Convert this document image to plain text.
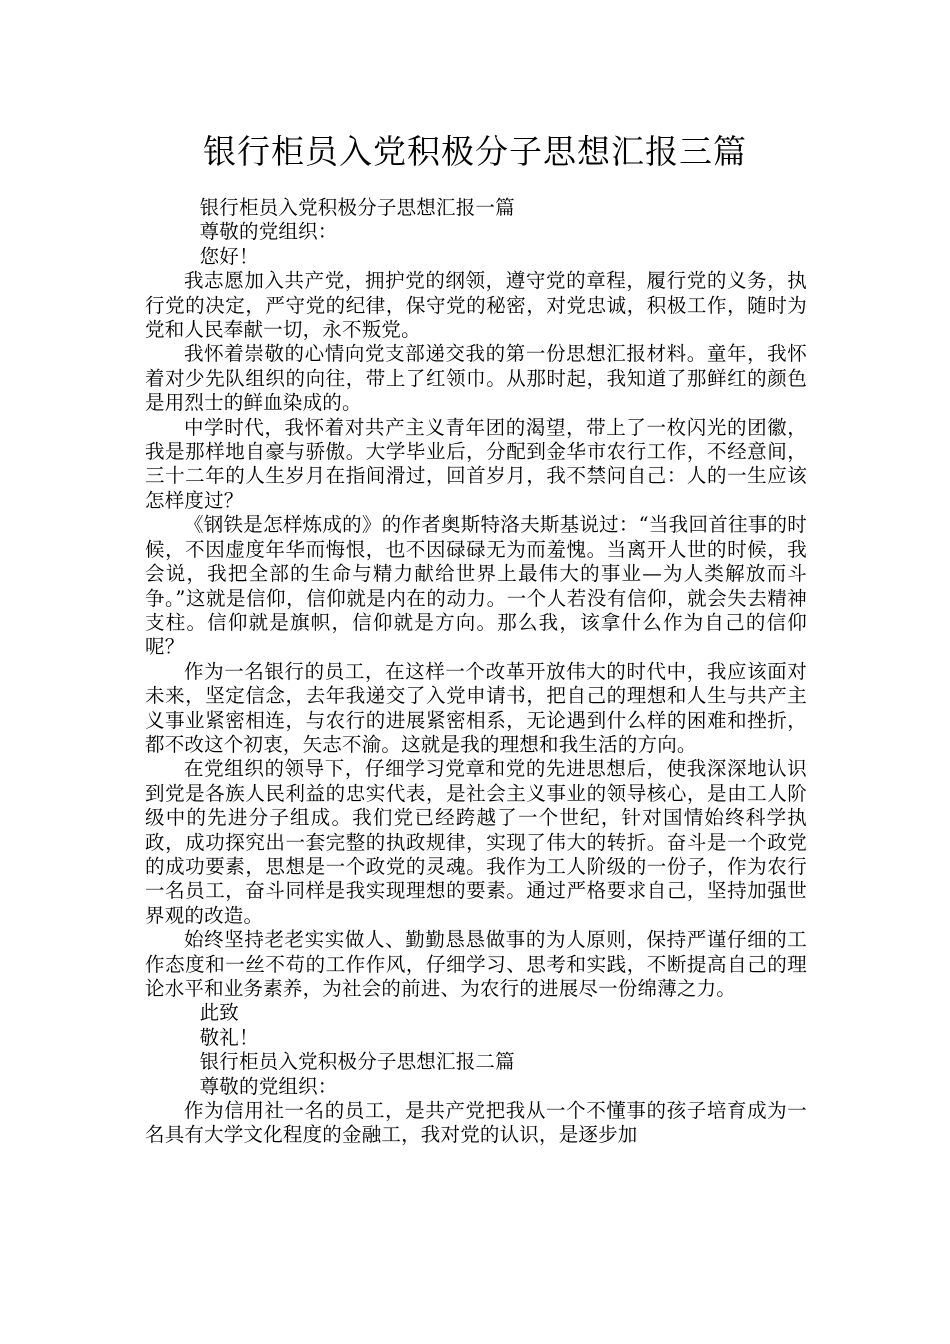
银行柜员入党积极分子思想汇报三篇

银行柜员入党积极分子思想汇报一篇

尊敬的党组织：

您好！

我志愿加入共产党，拥护党的纲领，遵守党的章程，履行党的义务，执行党的决定，严守党的纪律，保守党的秘密，对党忠诚，积极工作，随时为党和人民奉献一切，永不叛党。

我怀着崇敬的心情向党支部递交我的第一份思想汇报材料。童年，我怀着对少先队组织的向往，带上了红领巾。从那时起，我知道了那鲜红的颜色是用烈士的鲜血染成的。

中学时代，我怀着对共产主义青年团的渴望，带上了一枚闪光的团徽，我是那样地自豪与骄傲。大学毕业后，分配到金华市农行工作，不经意间，三十二年的人生岁月在指间滑过，回首岁月，我不禁问自己：人的一生应该怎样度过？

《钢铁是怎样炼成的》的作者奥斯特洛夫斯基说过：“当我回首往事的时候，不因虚度年华而悔恨，也不因碌碌无为而羞愧。当离开人世的时候，我会说，我把全部的生命与精力献给世界上最伟大的事业—为人类解放而斗争。”这就是信仰，信仰就是内在的动力。一个人若没有信仰，就会失去精神支柱。信仰就是旗帜，信仰就是方向。那么我，该拿什么作为自己的信仰呢？

作为一名银行的员工，在这样一个改革开放伟大的时代中，我应该面对未来，坚定信念，去年我递交了入党申请书，把自己的理想和人生与共产主义事业紧密相连，与农行的进展紧密相系，无论遇到什么样的困难和挫折，都不改这个初衷，矢志不渝。这就是我的理想和我生活的方向。

在党组织的领导下，仔细学习党章和党的先进思想后，使我深深地认识到党是各族人民利益的忠实代表，是社会主义事业的领导核心，是由工人阶级中的先进分子组成。我们党已经跨越了一个世纪，针对国情始终科学执政，成功探究出一套完整的执政规律，实现了伟大的转折。奋斗是一个政党的成功要素，思想是一个政党的灵魂。我作为工人阶级的一份子，作为农行一名员工，奋斗同样是我实现理想的要素。通过严格要求自己，坚持加强世界观的改造。

始终坚持老老实实做人、勤勤恳恳做事的为人原则，保持严谨仔细的工作态度和一丝不苟的工作作风，仔细学习、思考和实践，不断提高自己的理论水平和业务素养，为社会的前进、为农行的进展尽一份绵薄之力。

此致

敬礼！

银行柜员入党积极分子思想汇报二篇

尊敬的党组织：

作为信用社一名的员工，是共产党把我从一个不懂事的孩子培育成为一名具有大学文化程度的金融工，我对党的认识，是逐步加
